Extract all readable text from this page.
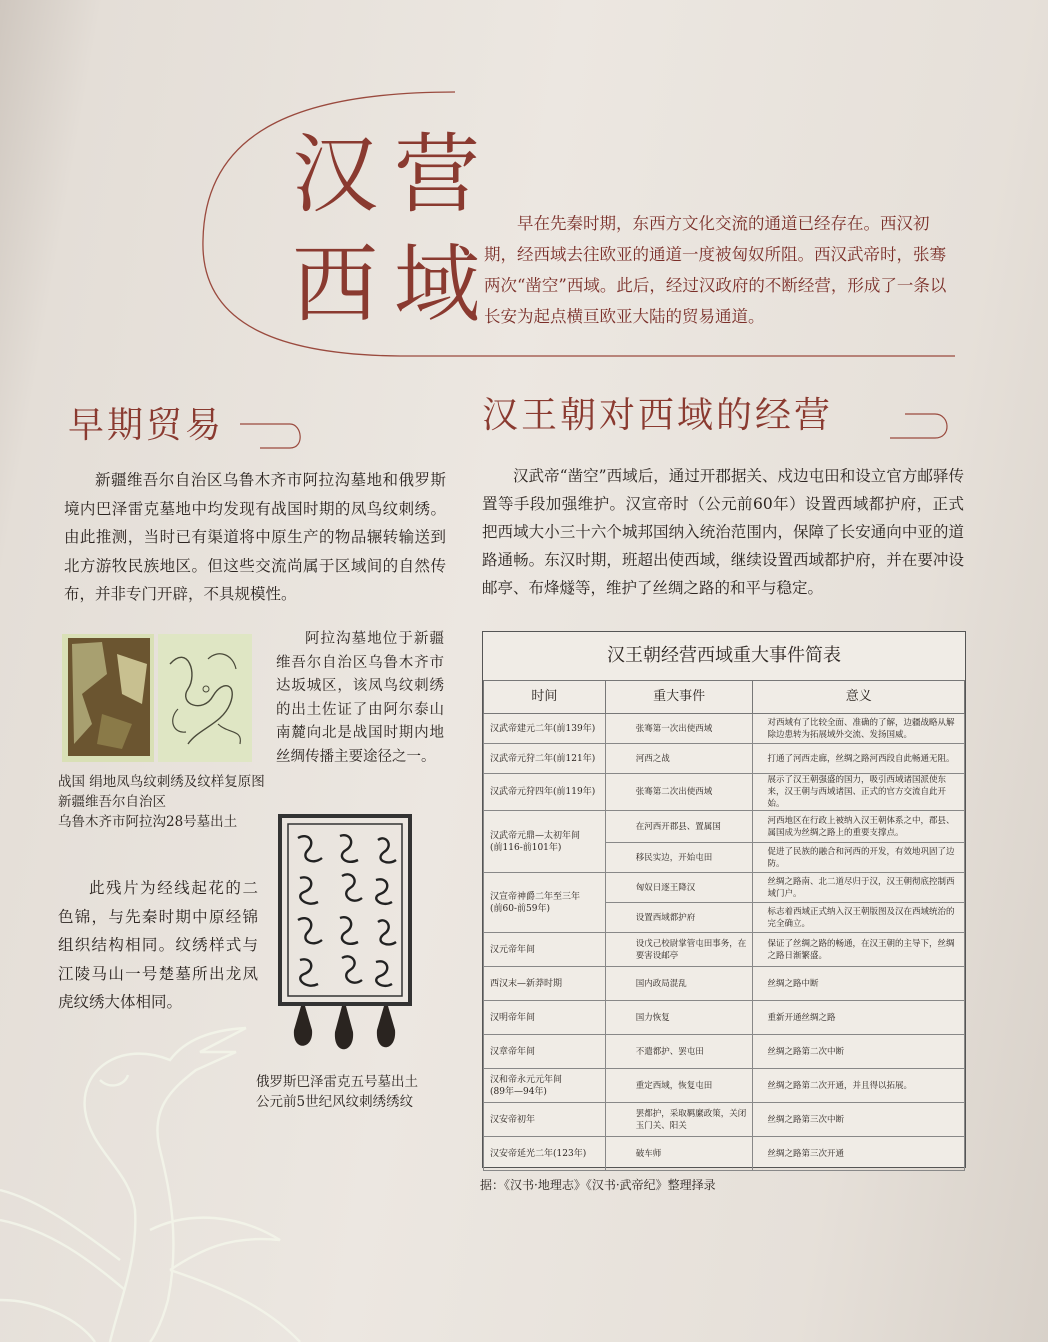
汉营
西域
早在先秦时期，东西方文化交流的通道已经存在。西汉初期，经西域去往欧亚的通道一度被匈奴所阻。西汉武帝时，张骞两次“凿空”西域。此后，经过汉政府的不断经营，形成了一条以长安为起点横亘欧亚大陆的贸易通道。
早期贸易	汉王朝对西域的经营
新疆维吾尔自治区乌鲁木齐市阿拉沟墓地和俄罗斯境内巴泽雷克墓地中均发现有战国时期的凤鸟纹刺绣。由此推测，当时已有渠道将中原生产的物品辗转输送到北方游牧民族地区。但这些交流尚属于区域间的自然传布，并非专门开辟，不具规模性。
阿拉沟墓地位于新疆维吾尔自治区乌鲁木齐市达坂城区，该凤鸟纹刺绣的出土佐证了由阿尔泰山南麓向北是战国时期内地丝绸传播主要途径之一。
战国 绢地凤鸟纹刺绣及纹样复原图
新疆维吾尔自治区
乌鲁木齐市阿拉沟28号墓出土
此残片为经线起花的二色锦，与先秦时期中原经锦组织结构相同。纹绣样式与江陵马山一号楚墓所出龙凤虎纹绣大体相同。
俄罗斯巴泽雷克五号墓出土
公元前5世纪风纹刺绣绣纹
汉武帝“凿空”西域后，通过开郡据关、戍边屯田和设立官方邮驿传置等手段加强维护。汉宣帝时（公元前60年）设置西域都护府，正式把西域大小三十六个城邦国纳入统治范围内，保障了长安通向中亚的道路通畅。东汉时期，班超出使西域，继续设置西域都护府，并在要冲设邮亭、布烽燧等，维护了丝绸之路的和平与稳定。
汉王朝经营西域重大事件简表
时间	重大事件	意义
汉武帝建元二年(前139年)	张骞第一次出使西域	对西域有了比较全面、准确的了解，边疆战略从解除边患转为拓展域外交流、发扬国威。
汉武帝元狩二年(前121年)	河西之战	打通了河西走廊，丝绸之路河西段自此畅通无阻。
汉武帝元狩四年(前119年)	张骞第二次出使西域	展示了汉王朝强盛的国力，吸引西域诸国派使东来，汉王朝与西域诸国、正式的官方交流自此开始。
汉武帝元鼎—太初年间
(前116-前101年)	在河西开郡县、置属国	河西地区在行政上被纳入汉王朝体系之中，郡县、属国成为丝绸之路上的重要支撑点。
	移民实边，开始屯田	促进了民族的融合和河西的开发，有效地巩固了边防。
汉宣帝神爵二年至三年
(前60-前59年)	匈奴日逐王降汉	丝绸之路南、北二道尽归于汉，汉王朝彻底控制西域门户。
	设置西域都护府	标志着西域正式纳入汉王朝版图及汉在西域统治的完全确立。
汉元帝年间	设戊己校尉掌管屯田事务，在要害设邮亭	保证了丝绸之路的畅通，在汉王朝的主导下，丝绸之路日渐繁盛。
西汉末—新莽时期	国内政局混乱	丝绸之路中断
汉明帝年间	国力恢复	重新开通丝绸之路
汉章帝年间	不遣都护、罢屯田	丝绸之路第二次中断
汉和帝永元元年间
(89年—94年)	重定西域，恢复屯田	丝绸之路第二次开通，并且得以拓展。
汉安帝初年	罢都护，采取羁縻政策，关闭玉门关、阳关	丝绸之路第三次中断
汉安帝延光二年(123年)	破车师	丝绸之路第三次开通
据：《汉书·地理志》《汉书·武帝纪》整理择录
